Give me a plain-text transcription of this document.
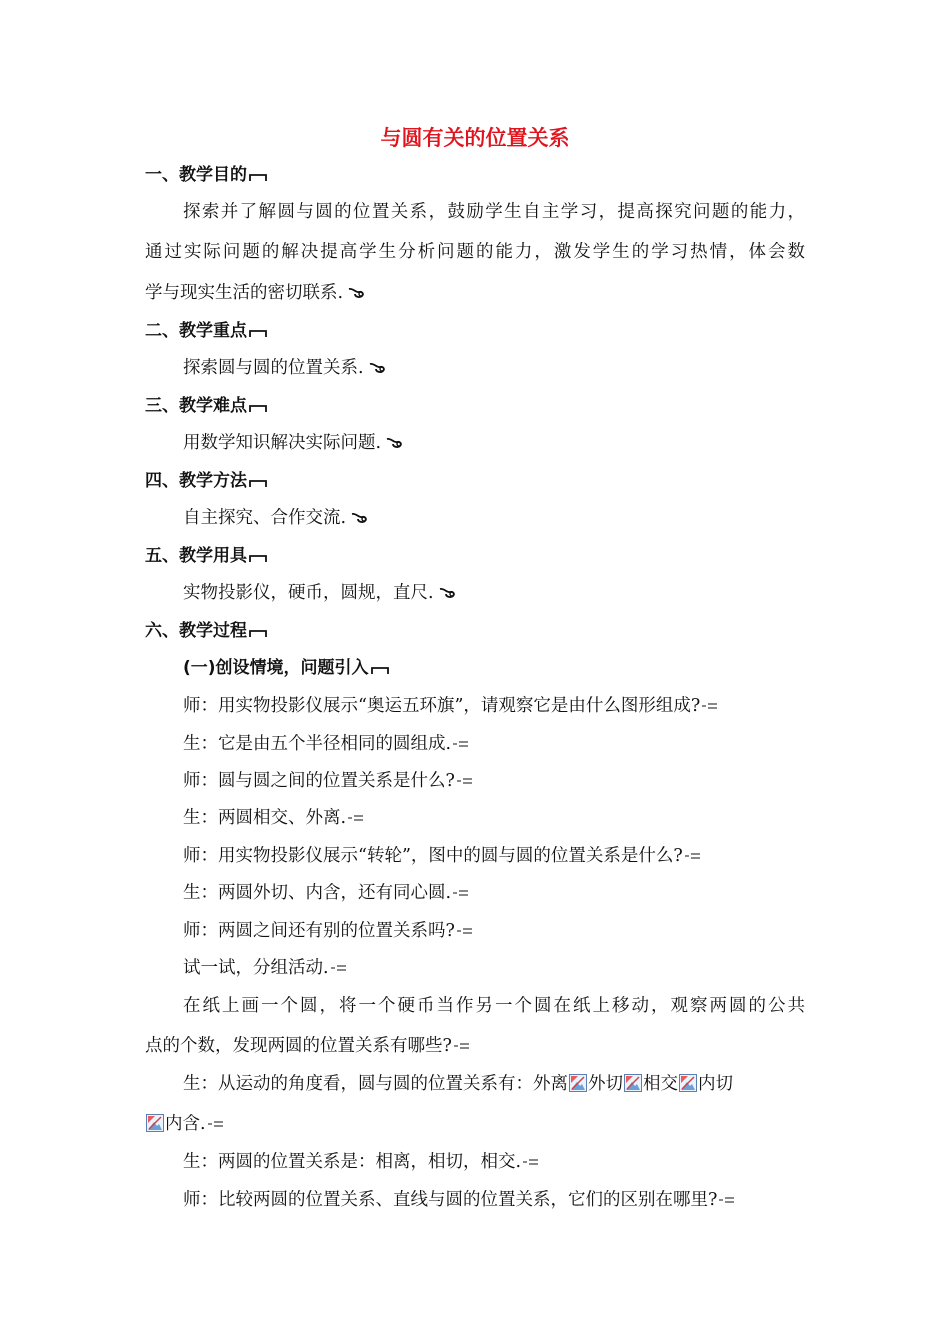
与圆有关的位置关系
一、教学目的
探索并了解圆与圆的位置关系，鼓励学生自主学习，提高探究问题的能力，
通过实际问题的解决提高学生分析问题的能力，激发学生的学习热情，体会数
学与现实生活的密切联系.
二、教学重点
探索圆与圆的位置关系.
三、教学难点
用数学知识解决实际问题.
四、教学方法
自主探究、合作交流.
五、教学用具
实物投影仪，硬币，圆规，直尺.
六、教学过程
(一)创设情境，问题引入
师：用实物投影仪展示“奥运五环旗”，请观察它是由什么图形组成?
生：它是由五个半径相同的圆组成.
师：圆与圆之间的位置关系是什么?
生：两圆相交、外离.
师：用实物投影仪展示“转轮”，图中的圆与圆的位置关系是什么?
生：两圆外切、内含，还有同心圆.
师：两圆之间还有别的位置关系吗?
试一试，分组活动.
在纸上画一个圆，将一个硬币当作另一个圆在纸上移动，观察两圆的公共
点的个数，发现两圆的位置关系有哪些?
生：从运动的角度看，圆与圆的位置关系有：外离 外切 相交 内切
内含.
生：两圆的位置关系是：相离，相切，相交.
师：比较两圆的位置关系、直线与圆的位置关系，它们的区别在哪里?
